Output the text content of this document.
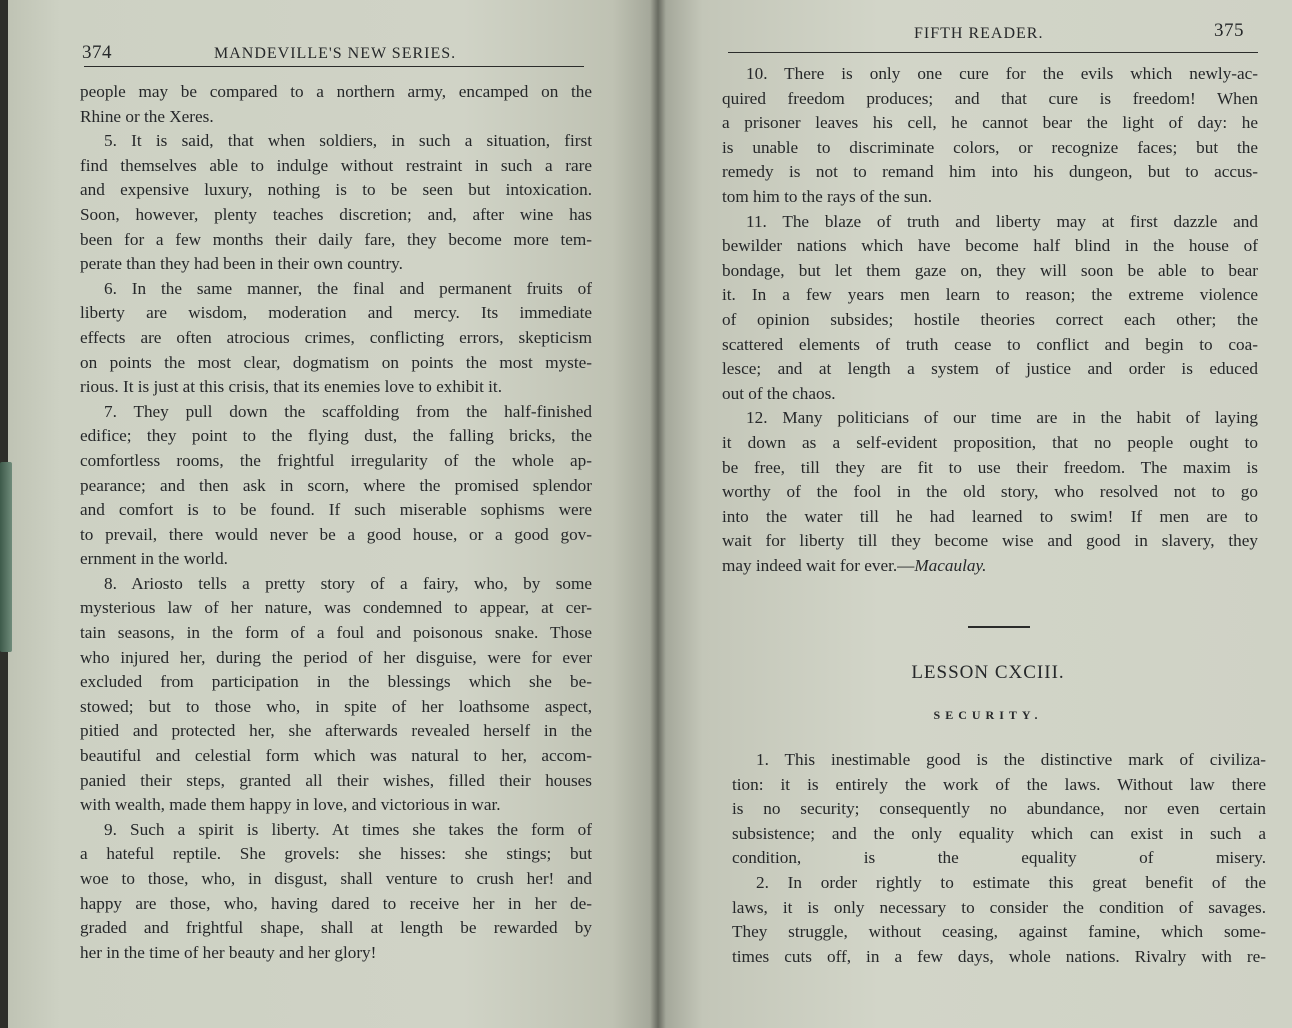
374	MANDEVILLE'S NEW SERIES.

people may be compared to a northern army, encamped on the

Rhine or the Xeres.

5. It is said, that when soldiers, in such a situation, first

find themselves able to indulge without restraint in such a rare

and expensive luxury, nothing is to be seen but intoxication.

Soon, however, plenty teaches discretion; and, after wine has

been for a few months their daily fare, they become more tem-

perate than they had been in their own country.

6. In the same manner, the final and permanent fruits of

liberty are wisdom, moderation and mercy. Its immediate

effects are often atrocious crimes, conflicting errors, skepticism

on points the most clear, dogmatism on points the most myste-

rious. It is just at this crisis, that its enemies love to exhibit it.

7. They pull down the scaffolding from the half-finished

edifice; they point to the flying dust, the falling bricks, the

comfortless rooms, the frightful irregularity of the whole ap-

pearance; and then ask in scorn, where the promised splendor

and comfort is to be found. If such miserable sophisms were

to prevail, there would never be a good house, or a good gov-

ernment in the world.

8. Ariosto tells a pretty story of a fairy, who, by some

mysterious law of her nature, was condemned to appear, at cer-

tain seasons, in the form of a foul and poisonous snake. Those

who injured her, during the period of her disguise, were for ever

excluded from participation in the blessings which she be-

stowed; but to those who, in spite of her loathsome aspect,

pitied and protected her, she afterwards revealed herself in the

beautiful and celestial form which was natural to her, accom-

panied their steps, granted all their wishes, filled their houses

with wealth, made them happy in love, and victorious in war.

9. Such a spirit is liberty. At times she takes the form of

a hateful reptile. She grovels: she hisses: she stings; but

woe to those, who, in disgust, shall venture to crush her! and

happy are those, who, having dared to receive her in her de-

graded and frightful shape, shall at length be rewarded by

her in the time of her beauty and her glory!

FIFTH READER.	375

10. There is only one cure for the evils which newly-ac-

quired freedom produces; and that cure is freedom! When

a prisoner leaves his cell, he cannot bear the light of day: he

is unable to discriminate colors, or recognize faces; but the

remedy is not to remand him into his dungeon, but to accus-

tom him to the rays of the sun.

11. The blaze of truth and liberty may at first dazzle and

bewilder nations which have become half blind in the house of

bondage, but let them gaze on, they will soon be able to bear

it. In a few years men learn to reason; the extreme violence

of opinion subsides; hostile theories correct each other; the

scattered elements of truth cease to conflict and begin to coa-

lesce; and at length a system of justice and order is educed

out of the chaos.

12. Many politicians of our time are in the habit of laying

it down as a self-evident proposition, that no people ought to

be free, till they are fit to use their freedom. The maxim is

worthy of the fool in the old story, who resolved not to go

into the water till he had learned to swim! If men are to

wait for liberty till they become wise and good in slavery, they

may indeed wait for ever.—Macaulay.

LESSON CXCIII.
SECURITY.

1. This inestimable good is the distinctive mark of civiliza-

tion: it is entirely the work of the laws. Without law there

is no security; consequently no abundance, nor even certain

subsistence; and the only equality which can exist in such a

condition, is the equality of misery.

2. In order rightly to estimate this great benefit of the

laws, it is only necessary to consider the condition of savages.

They struggle, without ceasing, against famine, which some-

times cuts off, in a few days, whole nations. Rivalry with re-
